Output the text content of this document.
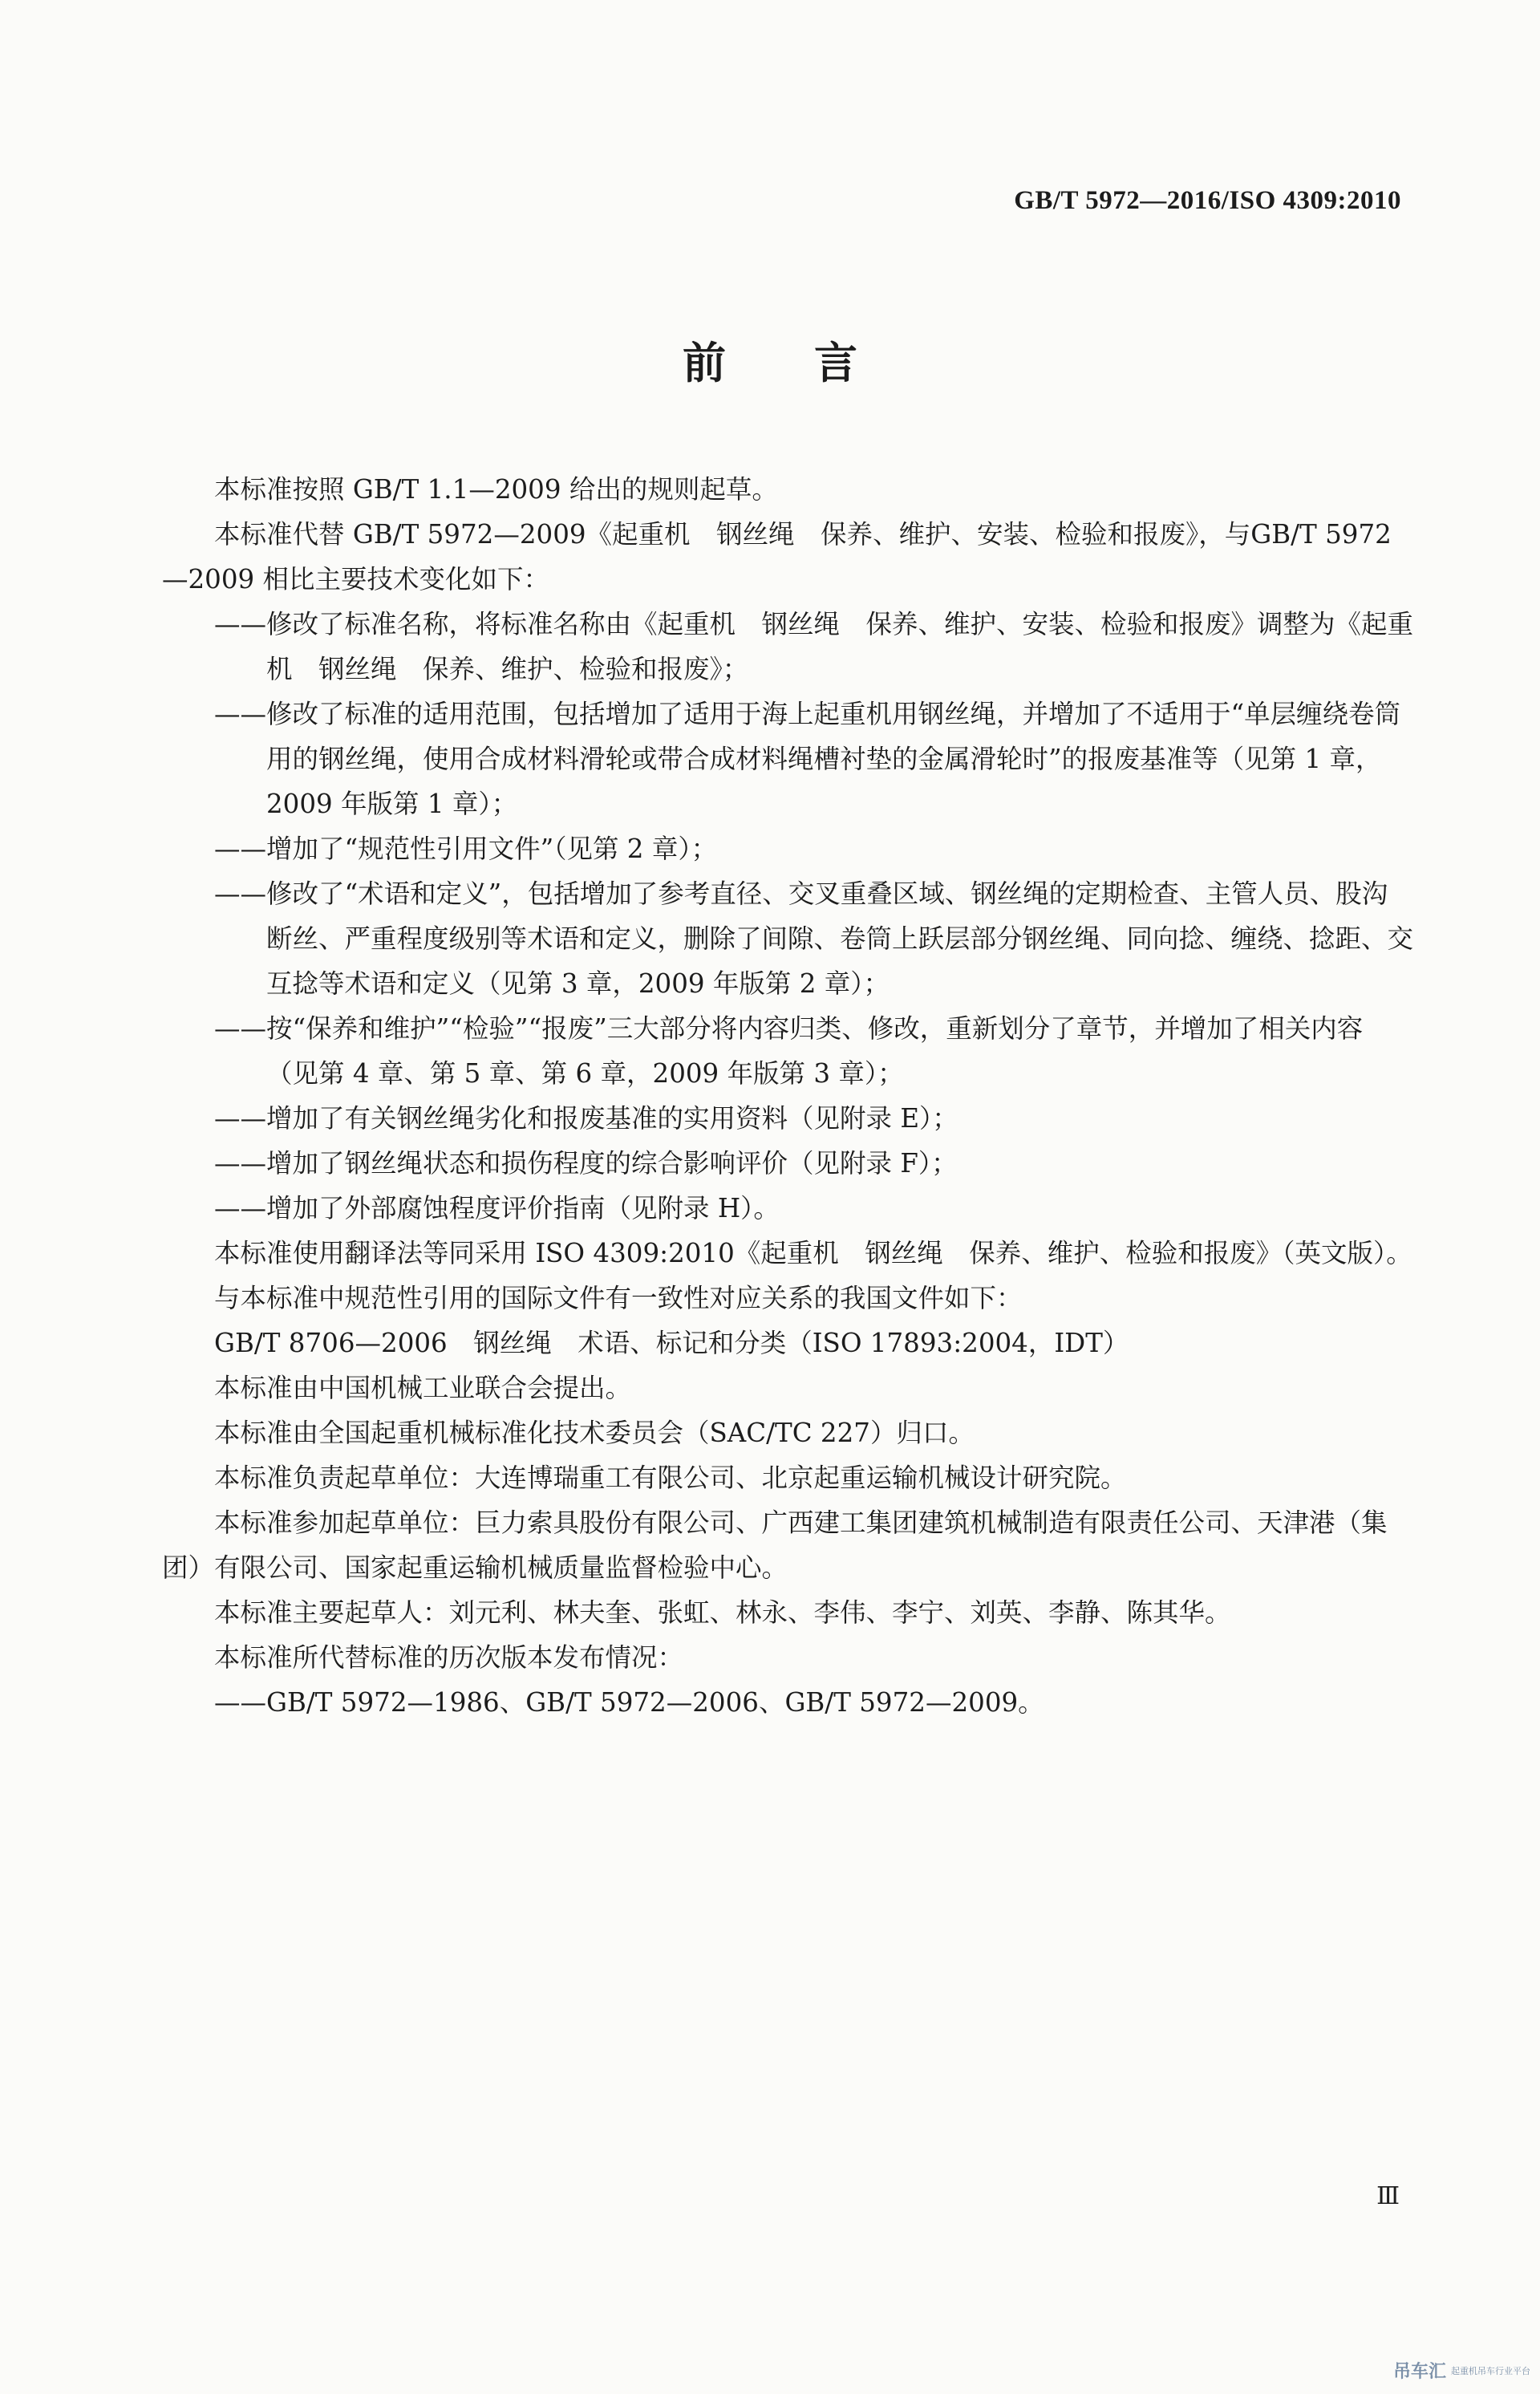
GB/T 5972—2016/ISO 4309:2010
前言

本标准按照 GB/T 1.1—2009 给出的规则起草。

本标准代替 GB/T 5972—2009《起重机　钢丝绳　保养、维护、安装、检验和报废》，与GB/T 5972—2009 相比主要技术变化如下：

——修改了标准名称，将标准名称由《起重机　钢丝绳　保养、维护、安装、检验和报废》调整为《起重机　钢丝绳　保养、维护、检验和报废》；

——修改了标准的适用范围，包括增加了适用于海上起重机用钢丝绳，并增加了不适用于“单层缠绕卷筒用的钢丝绳，使用合成材料滑轮或带合成材料绳槽衬垫的金属滑轮时”的报废基准等（见第 1 章，2009 年版第 1 章）；

——增加了“规范性引用文件”（见第 2 章）；

——修改了“术语和定义”，包括增加了参考直径、交叉重叠区域、钢丝绳的定期检查、主管人员、股沟断丝、严重程度级别等术语和定义，删除了间隙、卷筒上跃层部分钢丝绳、同向捻、缠绕、捻距、交互捻等术语和定义（见第 3 章，2009 年版第 2 章）；

——按“保养和维护”“检验”“报废”三大部分将内容归类、修改，重新划分了章节，并增加了相关内容（见第 4 章、第 5 章、第 6 章，2009 年版第 3 章）；

——增加了有关钢丝绳劣化和报废基准的实用资料（见附录 E）；

——增加了钢丝绳状态和损伤程度的综合影响评价（见附录 F）；

——增加了外部腐蚀程度评价指南（见附录 H）。

本标准使用翻译法等同采用 ISO 4309:2010《起重机　钢丝绳　保养、维护、检验和报废》（英文版）。

与本标准中规范性引用的国际文件有一致性对应关系的我国文件如下：

GB/T 8706—2006　钢丝绳　术语、标记和分类（ISO 17893:2004，IDT）

本标准由中国机械工业联合会提出。

本标准由全国起重机械标准化技术委员会（SAC/TC 227）归口。

本标准负责起草单位：大连博瑞重工有限公司、北京起重运输机械设计研究院。

本标准参加起草单位：巨力索具股份有限公司、广西建工集团建筑机械制造有限责任公司、天津港（集团）有限公司、国家起重运输机械质量监督检验中心。

本标准主要起草人：刘元利、林夫奎、张虹、林永、李伟、李宁、刘英、李静、陈其华。

本标准所代替标准的历次版本发布情况：

——GB/T 5972—1986、GB/T 5972—2006、GB/T 5972—2009。

Ⅲ
吊车汇 起重机吊车行业平台
